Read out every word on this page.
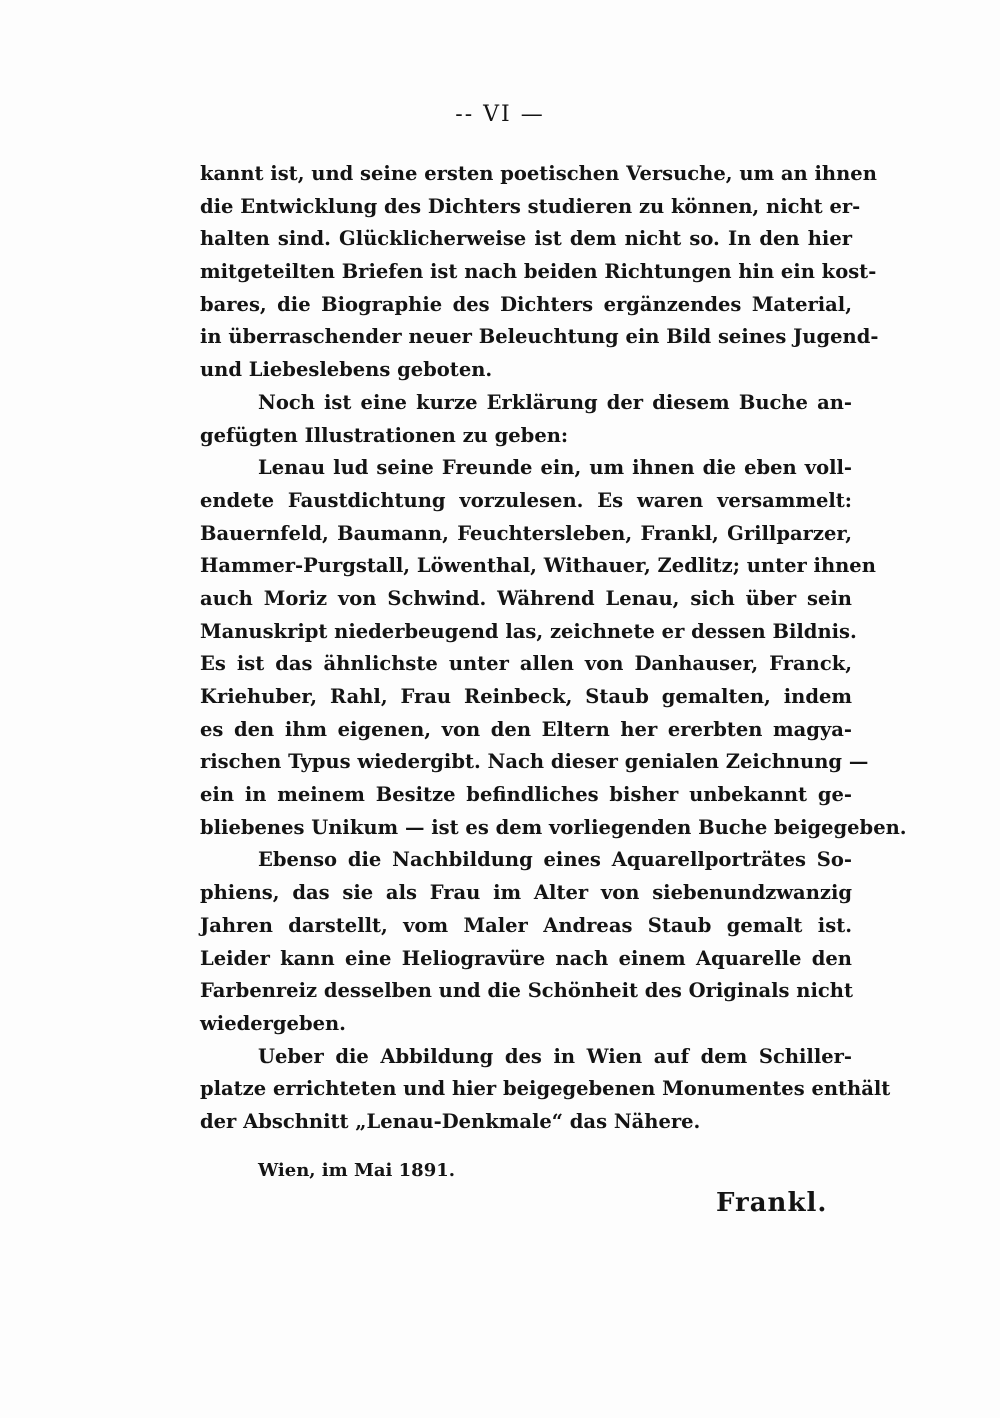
-- VI —
kannt ist, und seine ersten poetischen Versuche, um an ihnen
die Entwicklung des Dichters studieren zu können, nicht er-
halten sind. Glücklicherweise ist dem nicht so. In den hier
mitgeteilten Briefen ist nach beiden Richtungen hin ein kost-
bares, die Biographie des Dichters ergänzendes Material,
in überraschender neuer Beleuchtung ein Bild seines Jugend-
und Liebeslebens geboten.
Noch ist eine kurze Erklärung der diesem Buche an-
gefügten Illustrationen zu geben:
Lenau lud seine Freunde ein, um ihnen die eben voll-
endete Faustdichtung vorzulesen. Es waren versammelt:
Bauernfeld, Baumann, Feuchtersleben, Frankl, Grillparzer,
Hammer-Purgstall, Löwenthal, Withauer, Zedlitz; unter ihnen
auch Moriz von Schwind. Während Lenau, sich über sein
Manuskript niederbeugend las, zeichnete er dessen Bildnis.
Es ist das ähnlichste unter allen von Danhauser, Franck,
Kriehuber, Rahl, Frau Reinbeck, Staub gemalten, indem
es den ihm eigenen, von den Eltern her ererbten magya-
rischen Typus wiedergibt. Nach dieser genialen Zeichnung —
ein in meinem Besitze befindliches bisher unbekannt ge-
bliebenes Unikum — ist es dem vorliegenden Buche beigegeben.
Ebenso die Nachbildung eines Aquarellporträtes So-
phiens, das sie als Frau im Alter von siebenundzwanzig
Jahren darstellt, vom Maler Andreas Staub gemalt ist.
Leider kann eine Heliogravüre nach einem Aquarelle den
Farbenreiz desselben und die Schönheit des Originals nicht
wiedergeben.
Ueber die Abbildung des in Wien auf dem Schiller-
platze errichteten und hier beigegebenen Monumentes enthält
der Abschnitt „Lenau-Denkmale“ das Nähere.
Wien, im Mai 1891.
Frankl.
